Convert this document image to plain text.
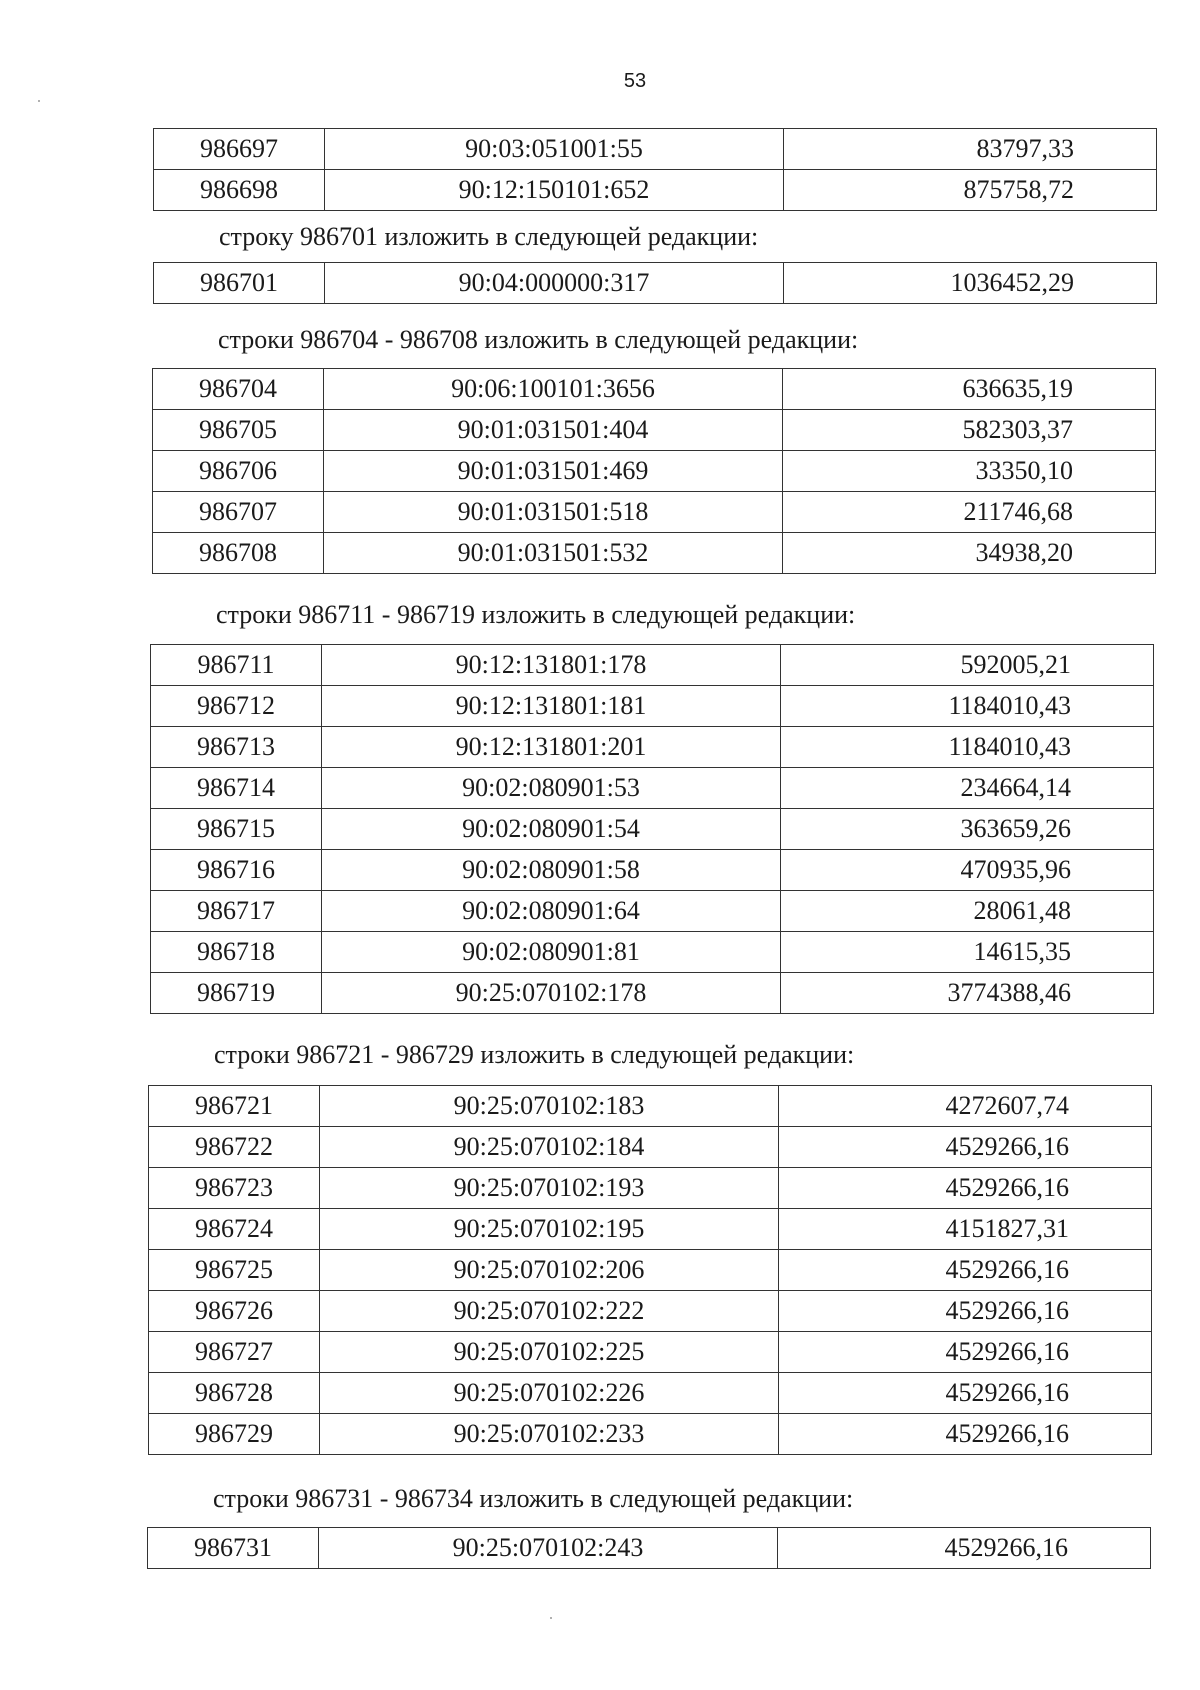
53
986697	90:03:051001:55	83797,33
986698	90:12:150101:652	875758,72
строку 986701 изложить в следующей редакции:
986701	90:04:000000:317	1036452,29
строки 986704 - 986708 изложить в следующей редакции:
986704	90:06:100101:3656	636635,19
986705	90:01:031501:404	582303,37
986706	90:01:031501:469	33350,10
986707	90:01:031501:518	211746,68
986708	90:01:031501:532	34938,20
строки 986711 - 986719 изложить в следующей редакции:
986711	90:12:131801:178	592005,21
986712	90:12:131801:181	1184010,43
986713	90:12:131801:201	1184010,43
986714	90:02:080901:53	234664,14
986715	90:02:080901:54	363659,26
986716	90:02:080901:58	470935,96
986717	90:02:080901:64	28061,48
986718	90:02:080901:81	14615,35
986719	90:25:070102:178	3774388,46
строки 986721 - 986729 изложить в следующей редакции:
986721	90:25:070102:183	4272607,74
986722	90:25:070102:184	4529266,16
986723	90:25:070102:193	4529266,16
986724	90:25:070102:195	4151827,31
986725	90:25:070102:206	4529266,16
986726	90:25:070102:222	4529266,16
986727	90:25:070102:225	4529266,16
986728	90:25:070102:226	4529266,16
986729	90:25:070102:233	4529266,16
строки 986731 - 986734 изложить в следующей редакции:
986731	90:25:070102:243	4529266,16
